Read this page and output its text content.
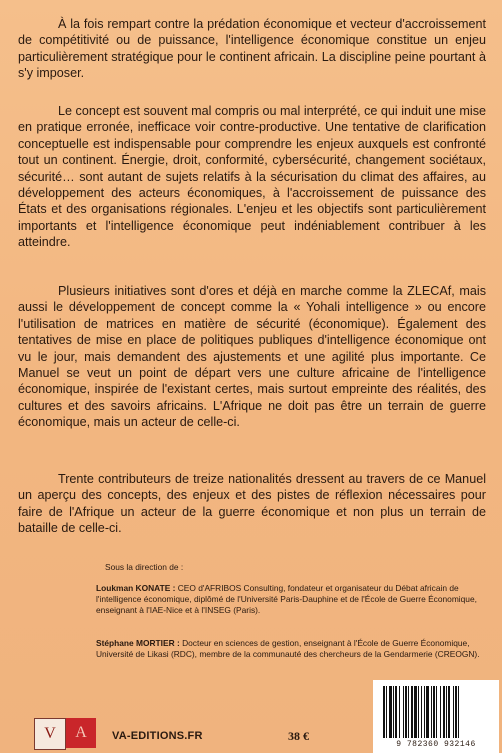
À la fois rempart contre la prédation économique et vecteur d'accroissement de compétitivité ou de puissance, l'intelligence économique constitue un enjeu particulièrement stratégique pour le continent africain. La discipline peine pourtant à s'y imposer.

Le concept est souvent mal compris ou mal interprété, ce qui induit une mise en pratique erronée, inefficace voir contre-productive. Une tentative de clarification conceptuelle est indispensable pour comprendre les enjeux auxquels est confronté tout un continent. Énergie, droit, conformité, cybersécurité, changement sociétaux, sécurité… sont autant de sujets relatifs à la sécurisation du climat des affaires, au développement des acteurs économiques, à l'accroissement de puissance des États et des organisations régionales. L'enjeu et les objectifs sont particulièrement importants et l'intelligence économique peut indéniablement contribuer à les atteindre.

Plusieurs initiatives sont d'ores et déjà en marche comme la ZLECAf, mais aussi le développement de concept comme la « Yohali intelligence » ou encore l'utilisation de matrices en matière de sécurité (économique). Également des tentatives de mise en place de politiques publiques d'intelligence économique ont vu le jour, mais demandent des ajustements et une agilité plus importante. Ce Manuel se veut un point de départ vers une culture africaine de l'intelligence économique, inspirée de l'existant certes, mais surtout empreinte des réalités, des cultures et des savoirs africains. L'Afrique ne doit pas être un terrain de guerre économique, mais un acteur de celle-ci.

Trente contributeurs de treize nationalités dressent au travers de ce Manuel un aperçu des concepts, des enjeux et des pistes de réflexion nécessaires pour faire de l'Afrique un acteur de la guerre économique et non plus un terrain de bataille de celle-ci.

Sous la direction de :

Loukman KONATE : CEO d'AFRIBOS Consulting, fondateur et organisateur du Débat africain de l'intelligence économique, diplômé de l'Université Paris-Dauphine et de l'École de Guerre Économique, enseignant à l'IAE-Nice et à l'INSEG (Paris).

Stéphane MORTIER : Docteur en sciences de gestion, enseignant à l'École de Guerre Économique, Université de Likasi (RDC), membre de la communauté des chercheurs de la Gendarmerie (CREOGN).

V	A	VA-EDITIONS.FR	38 €
9 782360 932146
